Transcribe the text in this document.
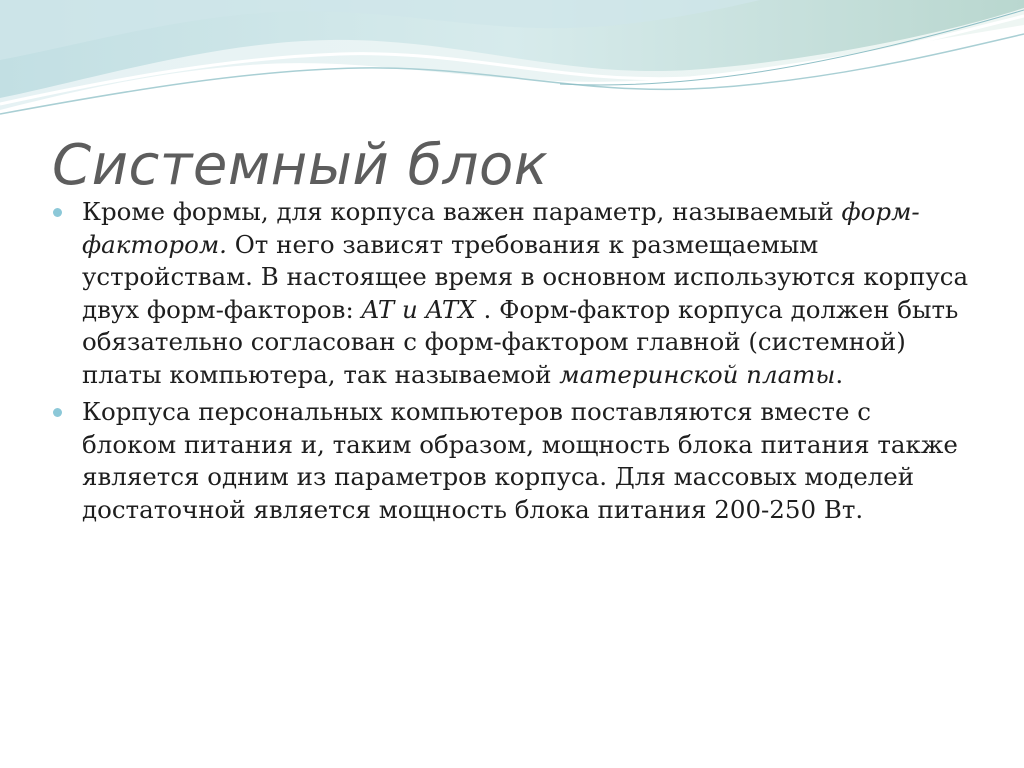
Системный блок

Кроме формы, для корпуса важен параметр, называемый форм-фактором. От него зависят требования к размещаемым устройствам. В настоящее время в основном используются корпуса двух форм-факторов: AT и ATX . Форм-фактор корпуса должен быть обязательно согласован с форм-фактором главной (системной) платы компьютера, так называемой материнской платы.

Корпуса персональных компьютеров поставляются вместе с блоком питания и, таким образом, мощность блока питания также является одним из параметров корпуса. Для массовых моделей достаточной является мощность блока питания 200-250 Вт.
